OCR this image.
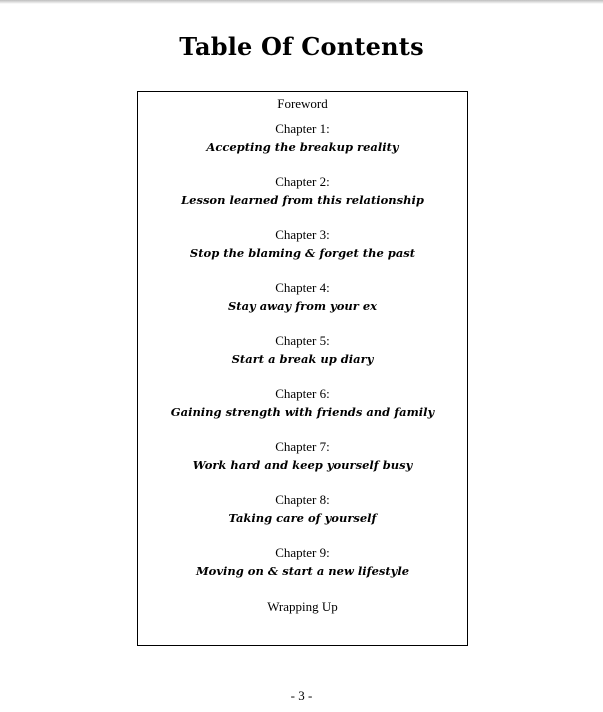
Table Of Contents
Foreword
Chapter 1:
Accepting the breakup reality
Chapter 2:
Lesson learned from this relationship
Chapter 3:
Stop the blaming & forget the past
Chapter 4:
Stay away from your ex
Chapter 5:
Start a break up diary
Chapter 6:
Gaining strength with friends and family
Chapter 7:
Work hard and keep yourself busy
Chapter 8:
Taking care of yourself
Chapter 9:
Moving on & start a new lifestyle
Wrapping Up
- 3 -
